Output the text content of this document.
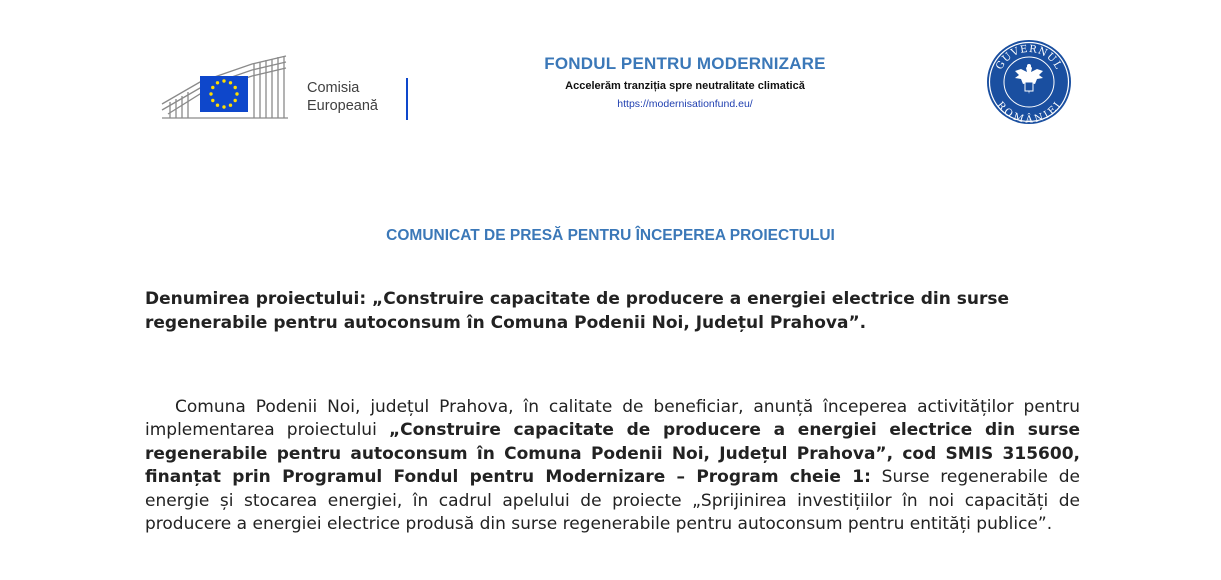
Comisia
Europeană
FONDUL PENTRU MODERNIZARE
Accelerăm tranziția spre neutralitate climatică
https://modernisationfund.eu/
GUVERNUL
ROMÂNIEI
COMUNICAT DE PRESĂ PENTRU ÎNCEPEREA PROIECTULUI
Denumirea proiectului: „Construire capacitate de producere a energiei electrice din surse regenerabile pentru autoconsum în Comuna Podenii Noi, Județul Prahova”.
Comuna Podenii Noi, județul Prahova, în calitate de beneficiar, anunță începerea activităților pentru implementarea proiectului „Construire capacitate de producere a energiei electrice din surse regenerabile pentru autoconsum în Comuna Podenii Noi, Județul Prahova”, cod SMIS 315600, finanțat prin Programul Fondul pentru Modernizare – Program cheie 1: Surse regenerabile de energie și stocarea energiei, în cadrul apelului de proiecte „Sprijinirea investițiilor în noi capacități de producere a energiei electrice produsă din surse regenerabile pentru autoconsum pentru entități publice”.
